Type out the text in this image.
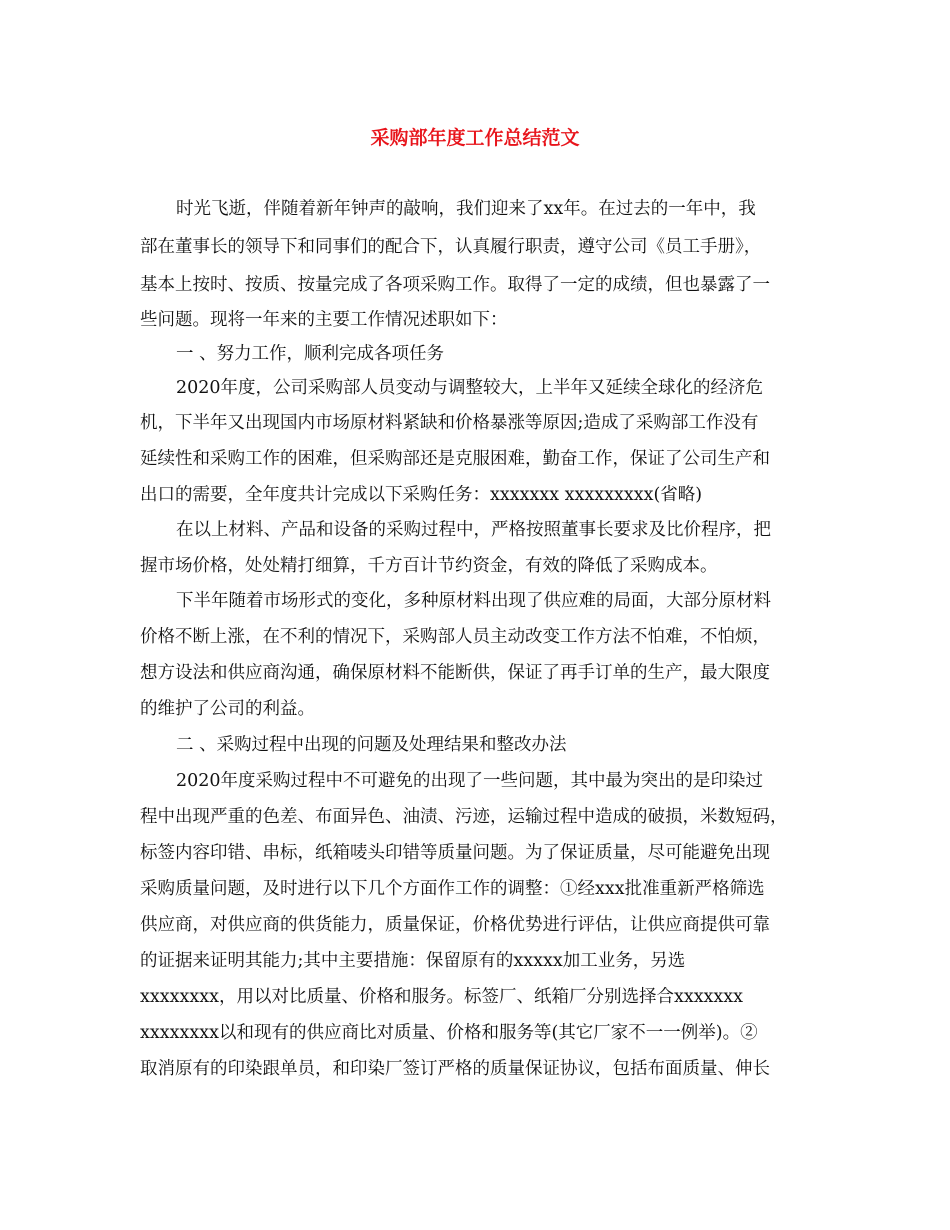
采购部年度工作总结范文
时光飞逝，伴随着新年钟声的敲响，我们迎来了xx年。在过去的一年中，我
部在董事长的领导下和同事们的配合下，认真履行职责，遵守公司《员工手册》，
基本上按时、按质、按量完成了各项采购工作。取得了一定的成绩，但也暴露了一
些问题。现将一年来的主要工作情况述职如下：
一 、努力工作，顺利完成各项任务
2020年度，公司采购部人员变动与调整较大，上半年又延续全球化的经济危
机，下半年又出现国内市场原材料紧缺和价格暴涨等原因;造成了采购部工作没有
延续性和采购工作的困难，但采购部还是克服困难，勤奋工作，保证了公司生产和
出口的需要，全年度共计完成以下采购任务：xxxxxxx xxxxxxxxx(省略)
在以上材料、产品和设备的采购过程中，严格按照董事长要求及比价程序，把
握市场价格，处处精打细算，千方百计节约资金，有效的降低了采购成本。
下半年随着市场形式的变化，多种原材料出现了供应难的局面，大部分原材料
价格不断上涨，在不利的情况下，采购部人员主动改变工作方法不怕难，不怕烦，
想方设法和供应商沟通，确保原材料不能断供，保证了再手订单的生产，最大限度
的维护了公司的利益。
二 、采购过程中出现的问题及处理结果和整改办法
2020年度采购过程中不可避免的出现了一些问题，其中最为突出的是印染过
程中出现严重的色差、布面异色、油渍、污迹，运输过程中造成的破损，米数短码，
标签内容印错、串标，纸箱唛头印错等质量问题。为了保证质量，尽可能避免出现
采购质量问题，及时进行以下几个方面作工作的调整：①经xxx批准重新严格筛选
供应商，对供应商的供货能力，质量保证，价格优势进行评估，让供应商提供可靠
的证据来证明其能力;其中主要措施：保留原有的xxxxx加工业务，另选
xxxxxxxx，用以对比质量、价格和服务。标签厂、纸箱厂分别选择合xxxxxxx
xxxxxxxx以和现有的供应商比对质量、价格和服务等(其它厂家不一一例举)。②
取消原有的印染跟单员，和印染厂签订严格的质量保证协议，包括布面质量、伸长
